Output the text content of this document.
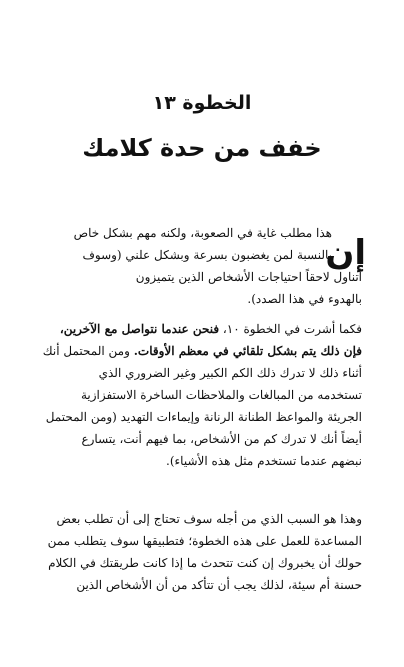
الخطوة ١٣
خفف من حدة كلامك
إن
هذا مطلب غاية في الصعوبة، ولكنه مهم بشكل خاص
بالنسبة لمن يغضبون بسرعة وبشكل علني (وسوف
أتناول لاحقاً احتياجات الأشخاص الذين يتميزون
بالهدوء في هذا الصدد).
فكما أشرت في الخطوة ١٠، فنحن عندما نتواصل مع الآخرين،
فإن ذلك يتم بشكل تلقائي في معظم الأوقات. ومن المحتمل أنك
أثناء ذلك لا تدرك ذلك الكم الكبير وغير الضروري الذي
تستخدمه من المبالغات والملاحظات الساخرة الاستفزازية
الجريئة والمواعظ الطنانة الرنانة وإيماءات التهديد (ومن المحتمل
أيضاً أنك لا تدرك كم من الأشخاص، بما فيهم أنت، يتسارع
نبضهم عندما تستخدم مثل هذه الأشياء).
وهذا هو السبب الذي من أجله سوف تحتاج إلى أن تطلب بعض
المساعدة للعمل على هذه الخطوة؛ فتطبيقها سوف يتطلب ممن
حولك أن يخبروك إن كنت تتحدث ما إذا كانت طريقتك في الكلام
حسنة أم سيئة، لذلك يجب أن تتأكد من أن الأشخاص الذين
